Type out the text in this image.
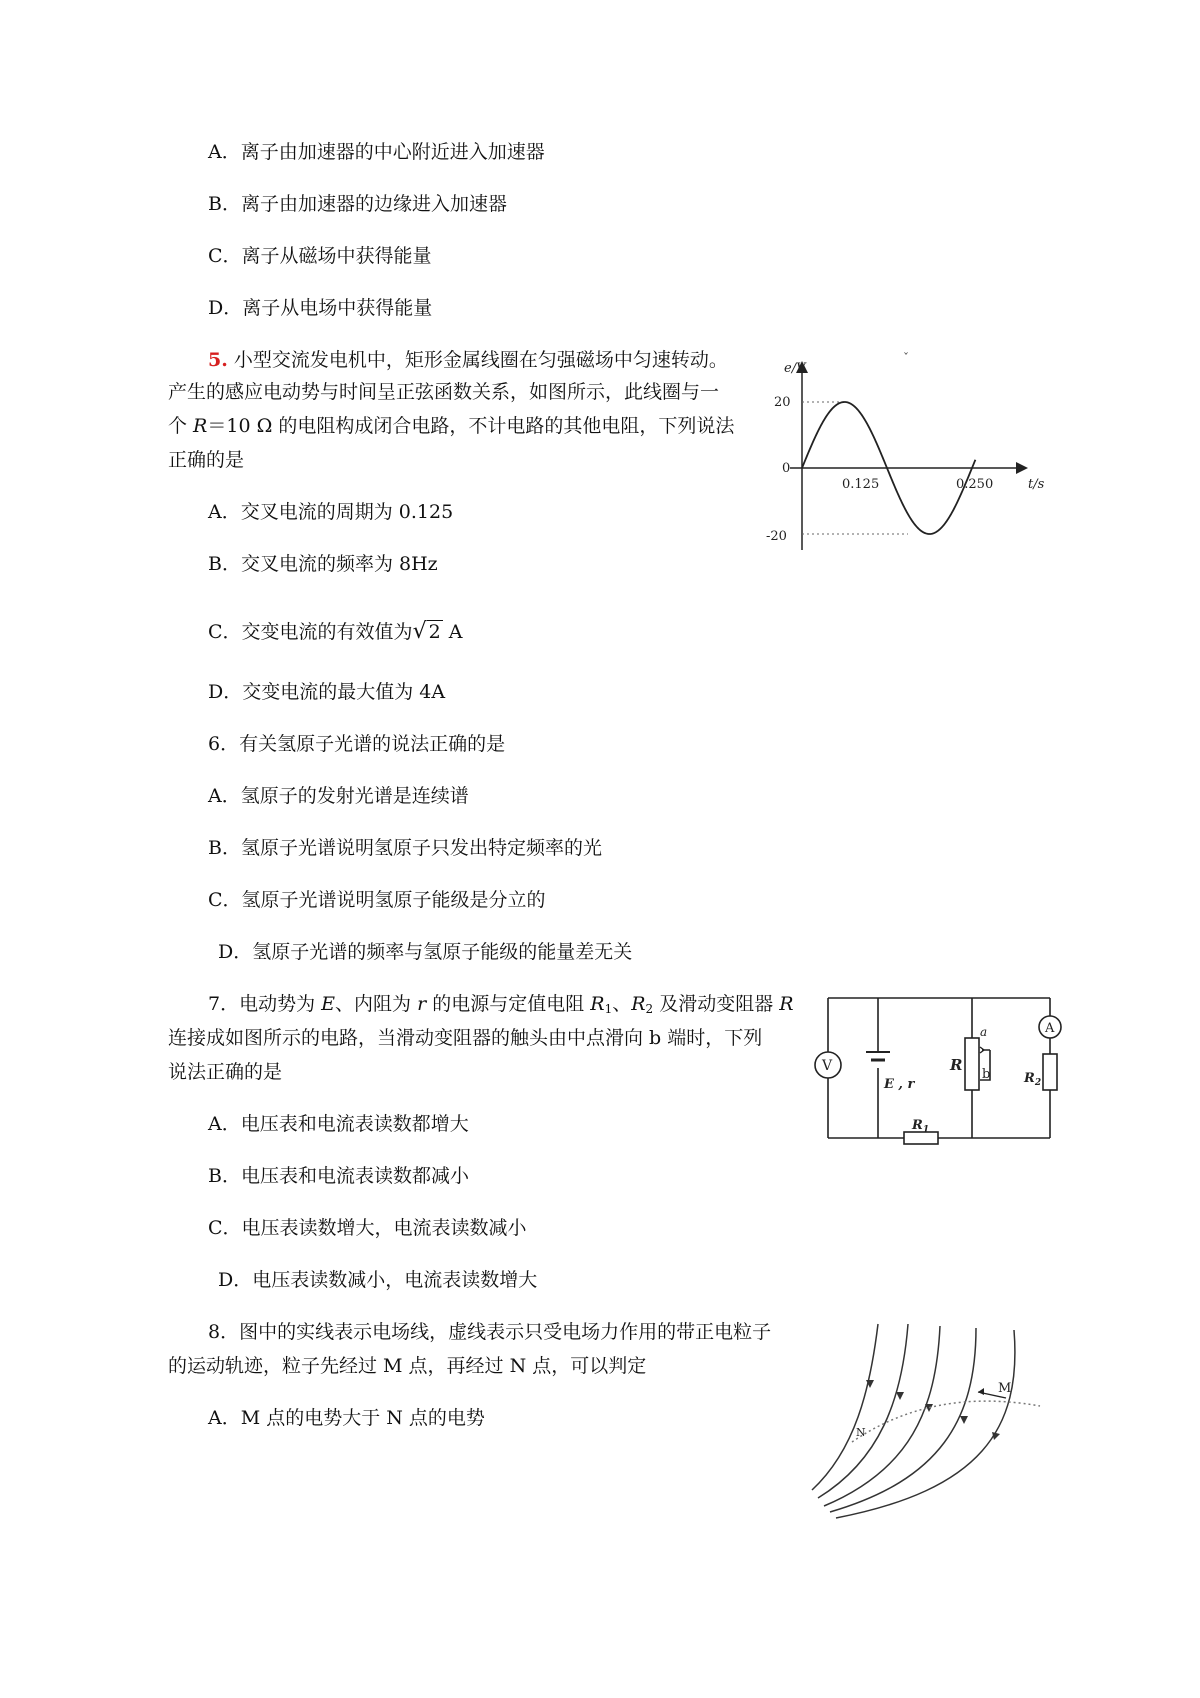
A．离子由加速器的中心附近进入加速器
B．离子由加速器的边缘进入加速器
C．离子从磁场中获得能量
D．离子从电场中获得能量
5. 小型交流发电机中，矩形金属线圈在匀强磁场中匀速转动。
产生的感应电动势与时间呈正弦函数关系，如图所示，此线圈与一
个 R＝10 Ω 的电阻构成闭合电路，不计电路的其他电阻，下列说法
正确的是
A．交叉电流的周期为 0.125
B．交叉电流的频率为 8Hz
C．交变电流的有效值为√ 2 A
D．交变电流的最大值为 4A
ˇ
e/V
t/s
20
0
-20
0.125	0.250
6．有关氢原子光谱的说法正确的是
A．氢原子的发射光谱是连续谱
B．氢原子光谱说明氢原子只发出特定频率的光
C．氢原子光谱说明氢原子能级是分立的
D．氢原子光谱的频率与氢原子能级的能量差无关
7．电动势为 E、内阻为 r 的电源与定值电阻 $R_1$、$R_2$ 及滑动变阻器 R
连接成如图所示的电路，当滑动变阻器的触头由中点滑向 b 端时，下列
说法正确的是
A．电压表和电流表读数都增大
B．电压表和电流表读数都减小
C．电压表读数增大，电流表读数减小
D．电压表读数减小，电流表读数增大
V
A
E , r
R
a
b
$R_1$
$R_2$
8．图中的实线表示电场线，虚线表示只受电场力作用的带正电粒子
的运动轨迹，粒子先经过 M 点，再经过 N 点，可以判定
A．M 点的电势大于 N 点的电势
M
N
